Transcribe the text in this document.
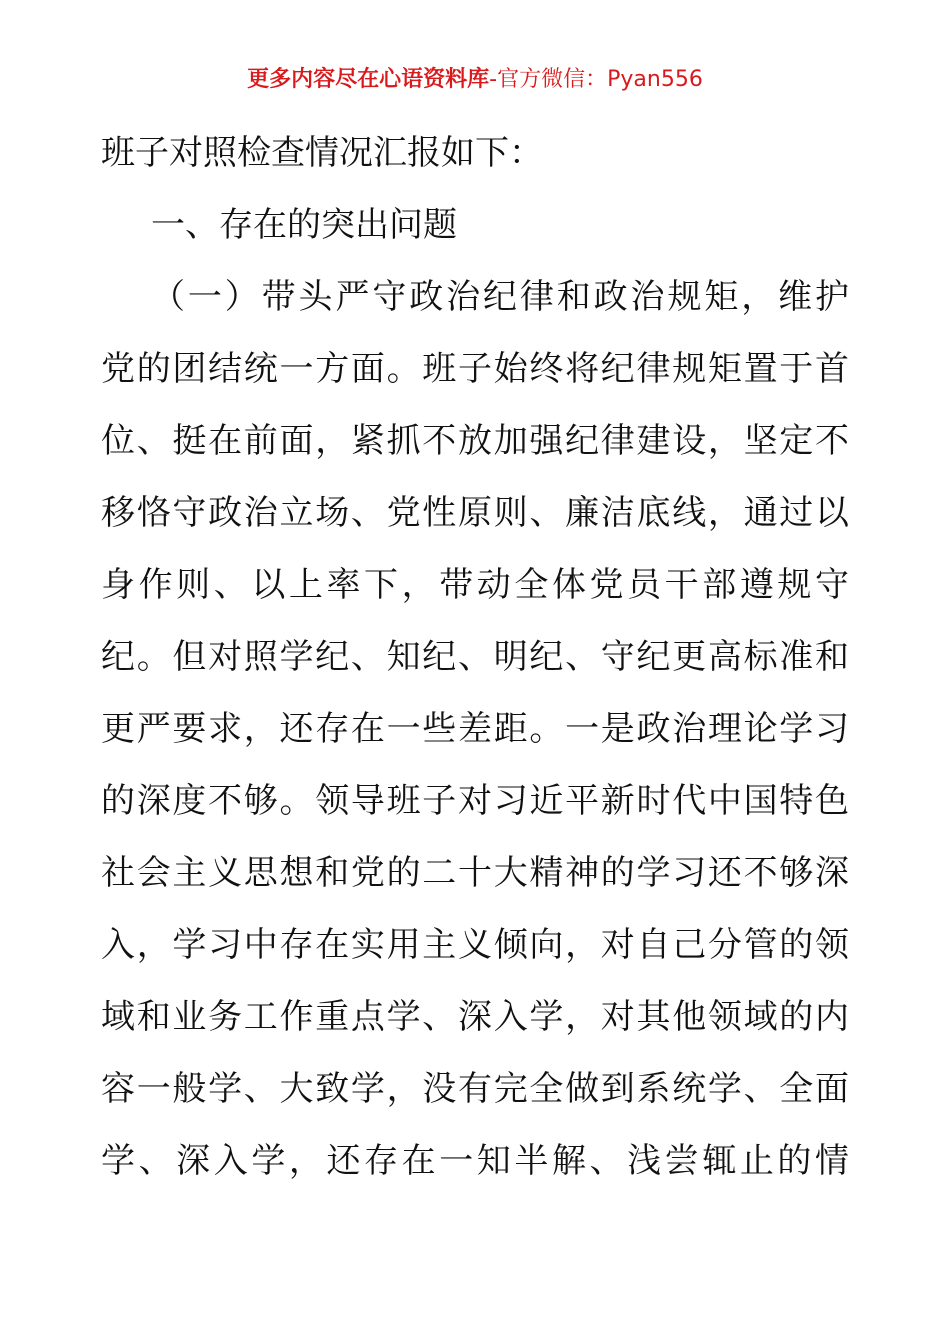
更多内容尽在心语资料库-官方微信：Pyan556
班子对照检查情况汇报如下：
一、存在的突出问题
（一）带头严守政治纪律和政治规矩，维护
党的团结统一方面。班子始终将纪律规矩置于首
位、挺在前面，紧抓不放加强纪律建设，坚定不
移恪守政治立场、党性原则、廉洁底线，通过以
身作则、以上率下，带动全体党员干部遵规守
纪。但对照学纪、知纪、明纪、守纪更高标准和
更严要求，还存在一些差距。一是政治理论学习
的深度不够。领导班子对习近平新时代中国特色
社会主义思想和党的二十大精神的学习还不够深
入，学习中存在实用主义倾向，对自己分管的领
域和业务工作重点学、深入学，对其他领域的内
容一般学、大致学，没有完全做到系统学、全面
学、深入学，还存在一知半解、浅尝辄止的情
